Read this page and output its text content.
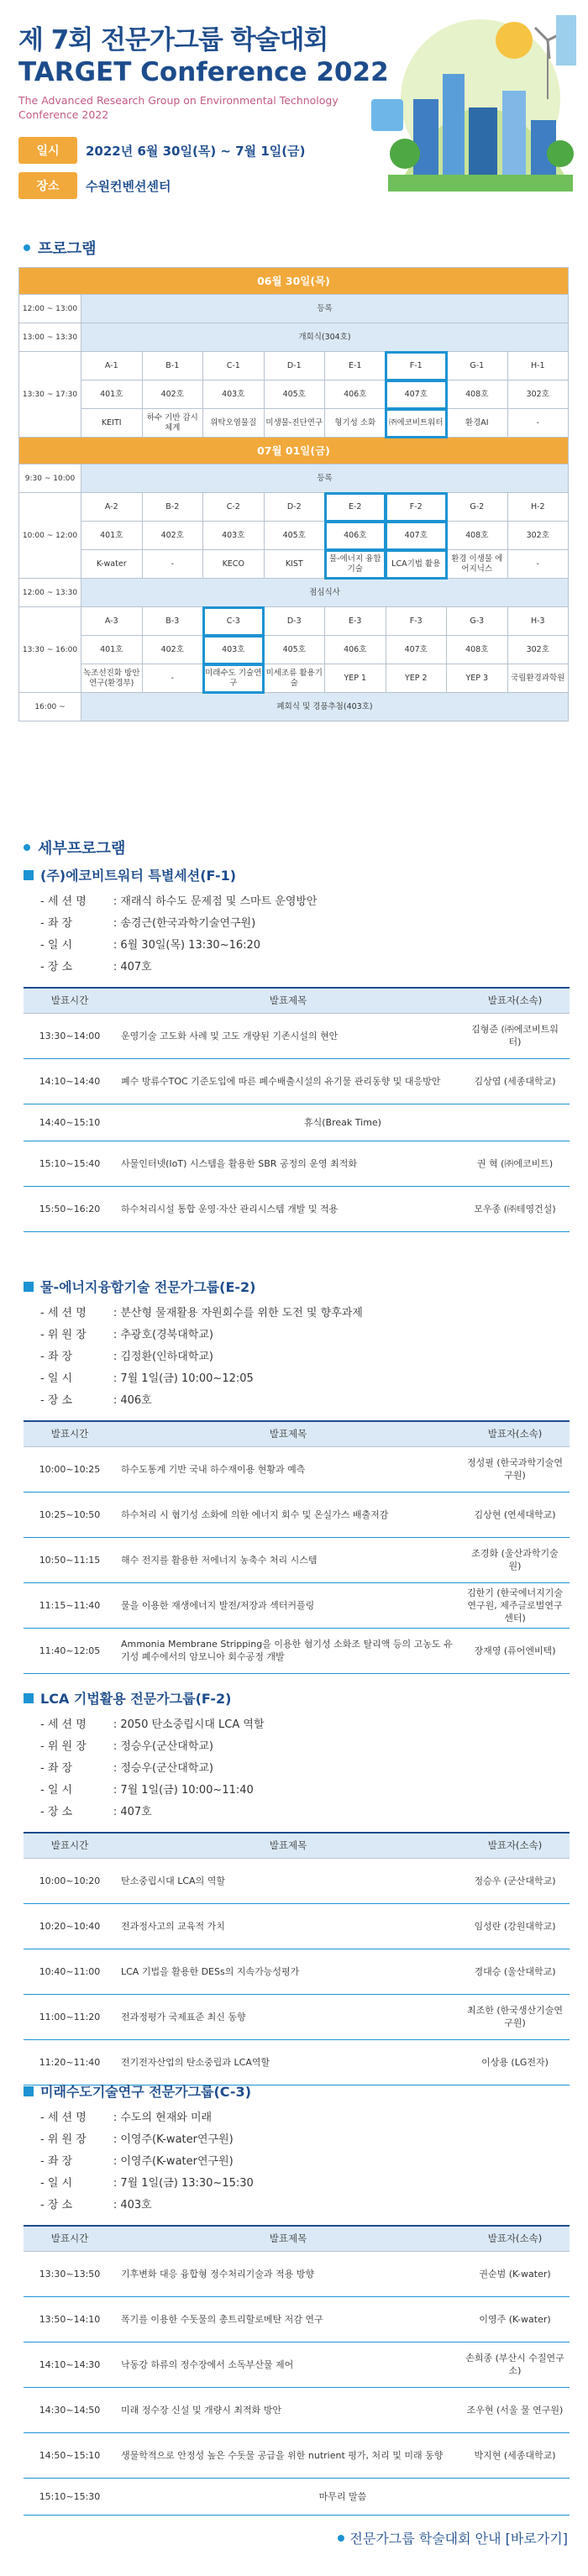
제 7회 전문가그룹 학술대회
TARGET Conference 2022
The Advanced Research Group on Environmental Technology Conference 2022
일시	2022년 6월 30일(목) ~ 7월 1일(금)
장소	수원컨벤션센터
프로그램
06월 30일(목)								
12:00 ~ 13:00	등록							
13:00 ~ 13:30	개회식(304호)							
13:30 ~ 17:30	A-1	B-1	C-1	D-1	E-1	F-1	G-1	H-1
	401호	402호	403호	405호	406호	407호	408호	302호
	KEITI	하수 기반 감시체계	위탁오염물질	미생물-진단연구	형기성 소화	㈜에코비트워터	환경AI	-
07월 01일(금)								
9:30 ~ 10:00	등록							
10:00 ~ 12:00	A-2	B-2	C-2	D-2	E-2	F-2	G-2	H-2
	401호	402호	403호	405호	406호	407호	408호	302호
	K-water	-	KECO	KIST	물-에너지 융합기술	LCA기법 활용	환경 이생물 에어지닉스	-
12:00 ~ 13:30	점심식사							
13:30 ~ 16:00	A-3	B-3	C-3	D-3	E-3	F-3	G-3	H-3
	401호	402호	403호	405호	406호	407호	408호	302호
	녹조선진화 방안 연구(환경부)	-	미래수도 기술연구	미세조류 활용기술	YEP 1	YEP 2	YEP 3	국립환경과학원
16:00 ~	폐회식 및 경품추첨(403호)							
세부프로그램
(주)에코비트워터 특별세션(F-1)
- 세 션 명 : 재래식 하수도 문제점 및 스마트 운영방안
- 좌 장	: 송경근(한국과학기술연구원)
- 일 시	: 6월 30일(목) 13:30~16:20
- 장 소	: 407호
발표시간	발표제목	발표자(소속)
13:30~14:00	운영기술 고도화 사례 및 고도 개량된 기존시설의 현안	김형준 (㈜에코비트워터)
14:10~14:40	폐수 방류수TOC 기준도입에 따른 폐수배출시설의 유기물 관리동향 및 대응방안	김상엽 (세종대학교)
14:40~15:10	휴식(Break Time)	
15:10~15:40	사물인터넷(IoT) 시스템을 활용한 SBR 공정의 운영 최적화	권 혁 (㈜에코비트)
15:50~16:20	하수처리시설 통합 운영·자산 관리시스템 개발 및 적용	모우종 (㈜테영건설)
물-에너지융합기술 전문가그룹(E-2)
- 세 션 명 : 분산형 물재활용 자원회수를 위한 도전 및 향후과제
- 위 원 장 : 추광호(경북대학교)
- 좌 장	: 김정환(인하대학교)
- 일 시	: 7월 1일(금) 10:00~12:05
- 장 소	: 406호
발표시간	발표제목	발표자(소속)
10:00~10:25	하수도통계 기반 국내 하수재이용 현황과 예측	정성필 (한국과학기술연구원)
10:25~10:50	하수처리 시 혐기성 소화에 의한 에너지 회수 및 온실가스 배출저감	김상현 (연세대학교)
10:50~11:15	해수 전지를 활용한 저에너지 농축수 처리 시스템	조경화 (울산과학기술원)
11:15~11:40	물을 이용한 재생에너지 발전/저장과 섹터커플링	김한기 (한국에너지기술연구원, 제주글로벌연구센터)
11:40~12:05	Ammonia Membrane Stripping을 이용한 혐기성 소화조 탈리액 등의 고농도 유기성 폐수에서의 암모니아 회수공정 개발	장재영 (퓨어엔비텍)
LCA 기법활용 전문가그룹(F-2)
- 세 션 명 : 2050 탄소중립시대 LCA 역할
- 위 원 장 : 정승우(군산대학교)
- 좌 장	: 정승우(군산대학교)
- 일 시	: 7월 1일(금) 10:00~11:40
- 장 소	: 407호
발표시간	발표제목	발표자(소속)
10:00~10:20	탄소중립시대 LCA의 역할	정승우 (군산대학교)
10:20~10:40	전과정사고의 교육적 가치	임성란 (강원대학교)
10:40~11:00	LCA 기법을 활용한 DESs의 지속가능성평가	경대승 (울산대학교)
11:00~11:20	전과정평가 국제표준 최신 동향	최조한 (한국생산기술연구원)
11:20~11:40	전기전자산업의 탄소중립과 LCA역할	이상용 (LG전자)
미래수도기술연구 전문가그룹(C-3)
- 세 션 명 : 수도의 현재와 미래
- 위 원 장 : 이영주(K-water연구원)
- 좌 장	: 이영주(K-water연구원)
- 일 시	: 7월 1일(금) 13:30~15:30
- 장 소	: 403호
발표시간	발표제목	발표자(소속)
13:30~13:50	기후변화 대응 융합형 정수처리기술과 적용 방향	권순범 (K-water)
13:50~14:10	폭기를 이용한 수돗물의 총트리할로메탄 저감 연구	이영주 (K-water)
14:10~14:30	낙동강 하류의 정수장에서 소독부산물 제어	손희종 (부산시 수질연구소)
14:30~14:50	미래 정수장 신설 및 개량시 최적화 방안	조우현 (서울 물 연구원)
14:50~15:10	생물학적으로 안정성 높은 수돗물 공급을 위한 nutrient 평가, 처리 및 미래 동향	박지현 (세종대학교)
15:10~15:30	마무리 말씀	
전문가그룹 학술대회 안내 [바로가기]
